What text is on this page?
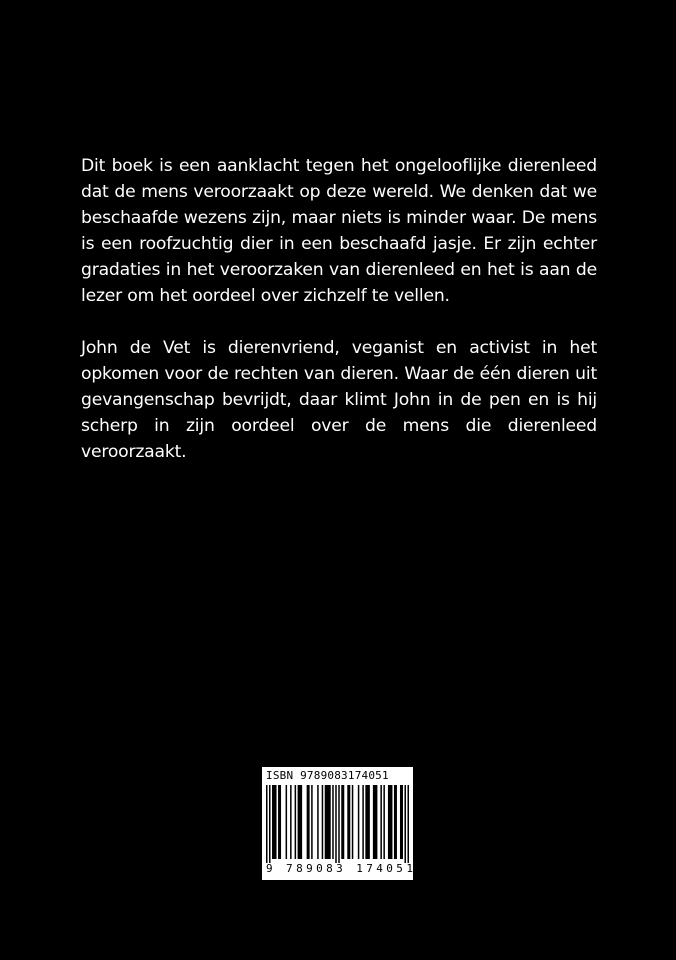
Dit boek is een aanklacht tegen het ongelooflijke dierenleed dat de mens veroorzaakt op deze wereld. We denken dat we beschaafde wezens zijn, maar niets is minder waar. De mens is een roofzuchtig dier in een beschaafd jasje. Er zijn echter gradaties in het veroorzaken van dierenleed en het is aan de lezer om het oordeel over zichzelf te vellen.

John de Vet is dierenvriend, veganist en activist in het opkomen voor de rechten van dieren. Waar de één dieren uit gevangenschap bevrijdt, daar klimt John in de pen en is hij scherp in zijn oordeel over de mens die dierenleed veroorzaakt.

ISBN 9789083174051
9 789083 174051
